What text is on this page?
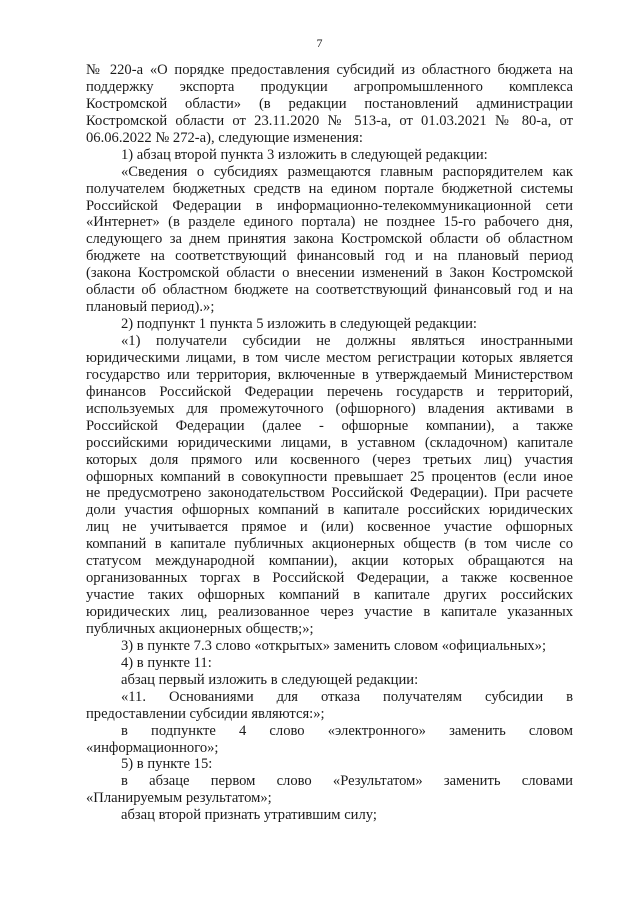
7
№ 220-а «О порядке предоставления субсидий из областного бюджета на
поддержку экспорта продукции агропромышленного комплекса
Костромской области» (в редакции постановлений администрации
Костромской области от 23.11.2020 № 513-а, от 01.03.2021 № 80-а, от
06.06.2022 № 272-а), следующие изменения:
1) абзац второй пункта 3 изложить в следующей редакции:
«Сведения о субсидиях размещаются главным распорядителем как
получателем бюджетных средств на едином портале бюджетной системы
Российской Федерации в информационно-телекоммуникационной сети
«Интернет» (в разделе единого портала) не позднее 15-го рабочего дня,
следующего за днем принятия закона Костромской области об областном
бюджете на соответствующий финансовый год и на плановый период
(закона Костромской области о внесении изменений в Закон Костромской
области об областном бюджете на соответствующий финансовый год и на
плановый период).»;
2) подпункт 1 пункта 5 изложить в следующей редакции:
«1) получатели субсидии не должны являться иностранными
юридическими лицами, в том числе местом регистрации которых является
государство или территория, включенные в утверждаемый Министерством
финансов Российской Федерации перечень государств и территорий,
используемых для промежуточного (офшорного) владения активами в
Российской Федерации (далее - офшорные компании), а также
российскими юридическими лицами, в уставном (складочном) капитале
которых доля прямого или косвенного (через третьих лиц) участия
офшорных компаний в совокупности превышает 25 процентов (если иное
не предусмотрено законодательством Российской Федерации). При расчете
доли участия офшорных компаний в капитале российских юридических
лиц не учитывается прямое и (или) косвенное участие офшорных
компаний в капитале публичных акционерных обществ (в том числе со
статусом международной компании), акции которых обращаются на
организованных торгах в Российской Федерации, а также косвенное
участие таких офшорных компаний в капитале других российских
юридических лиц, реализованное через участие в капитале указанных
публичных акционерных обществ;»;
3) в пункте 7.3 слово «открытых» заменить словом «официальных»;
4) в пункте 11:
абзац первый изложить в следующей редакции:
«11. Основаниями для отказа получателям субсидии в
предоставлении субсидии являются:»;
в подпункте 4 слово «электронного» заменить словом
«информационного»;
5) в пункте 15:
в абзаце первом слово «Результатом» заменить словами
«Планируемым результатом»;
абзац второй признать утратившим силу;
